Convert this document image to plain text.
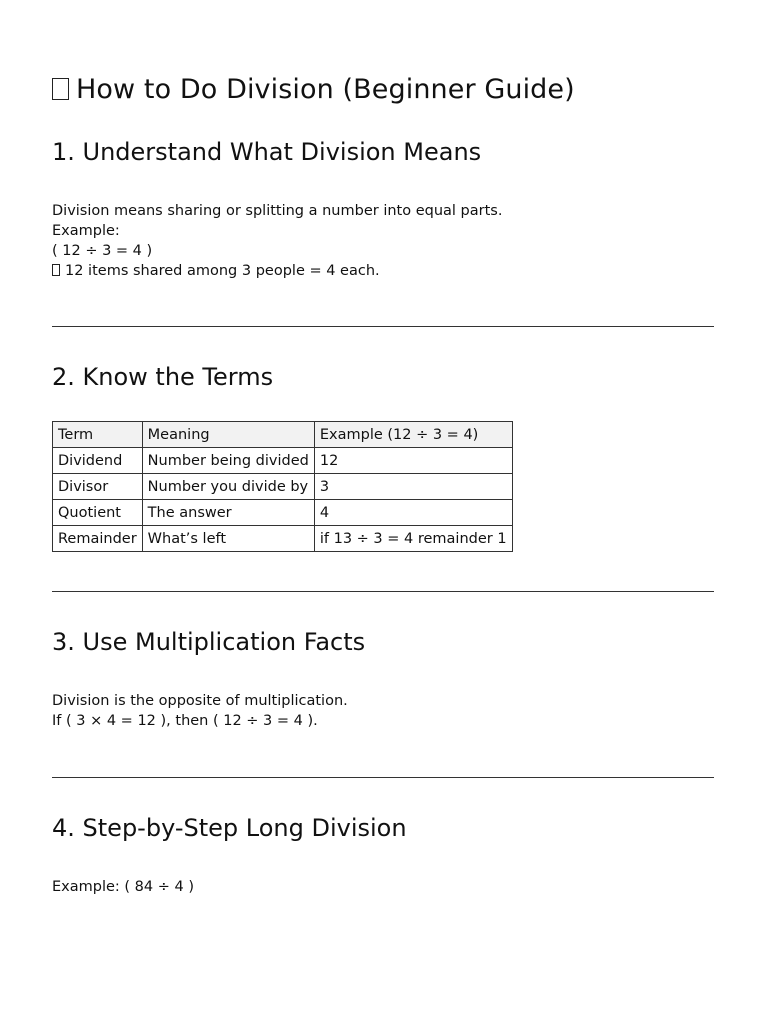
How to Do Division (Beginner Guide)
1. Understand What Division Means
Division means sharing or splitting a number into equal parts.
Example:
( 12 ÷ 3 = 4 )
12 items shared among 3 people = 4 each.
2. Know the Terms
Term	Meaning	Example (12 ÷ 3 = 4)
Dividend	Number being divided	12
Divisor	Number you divide by	3
Quotient	The answer	4
Remainder	What’s left	if 13 ÷ 3 = 4 remainder 1
3. Use Multiplication Facts
Division is the opposite of multiplication.
If ( 3 × 4 = 12 ), then ( 12 ÷ 3 = 4 ).
4. Step-by-Step Long Division
Example: ( 84 ÷ 4 )
